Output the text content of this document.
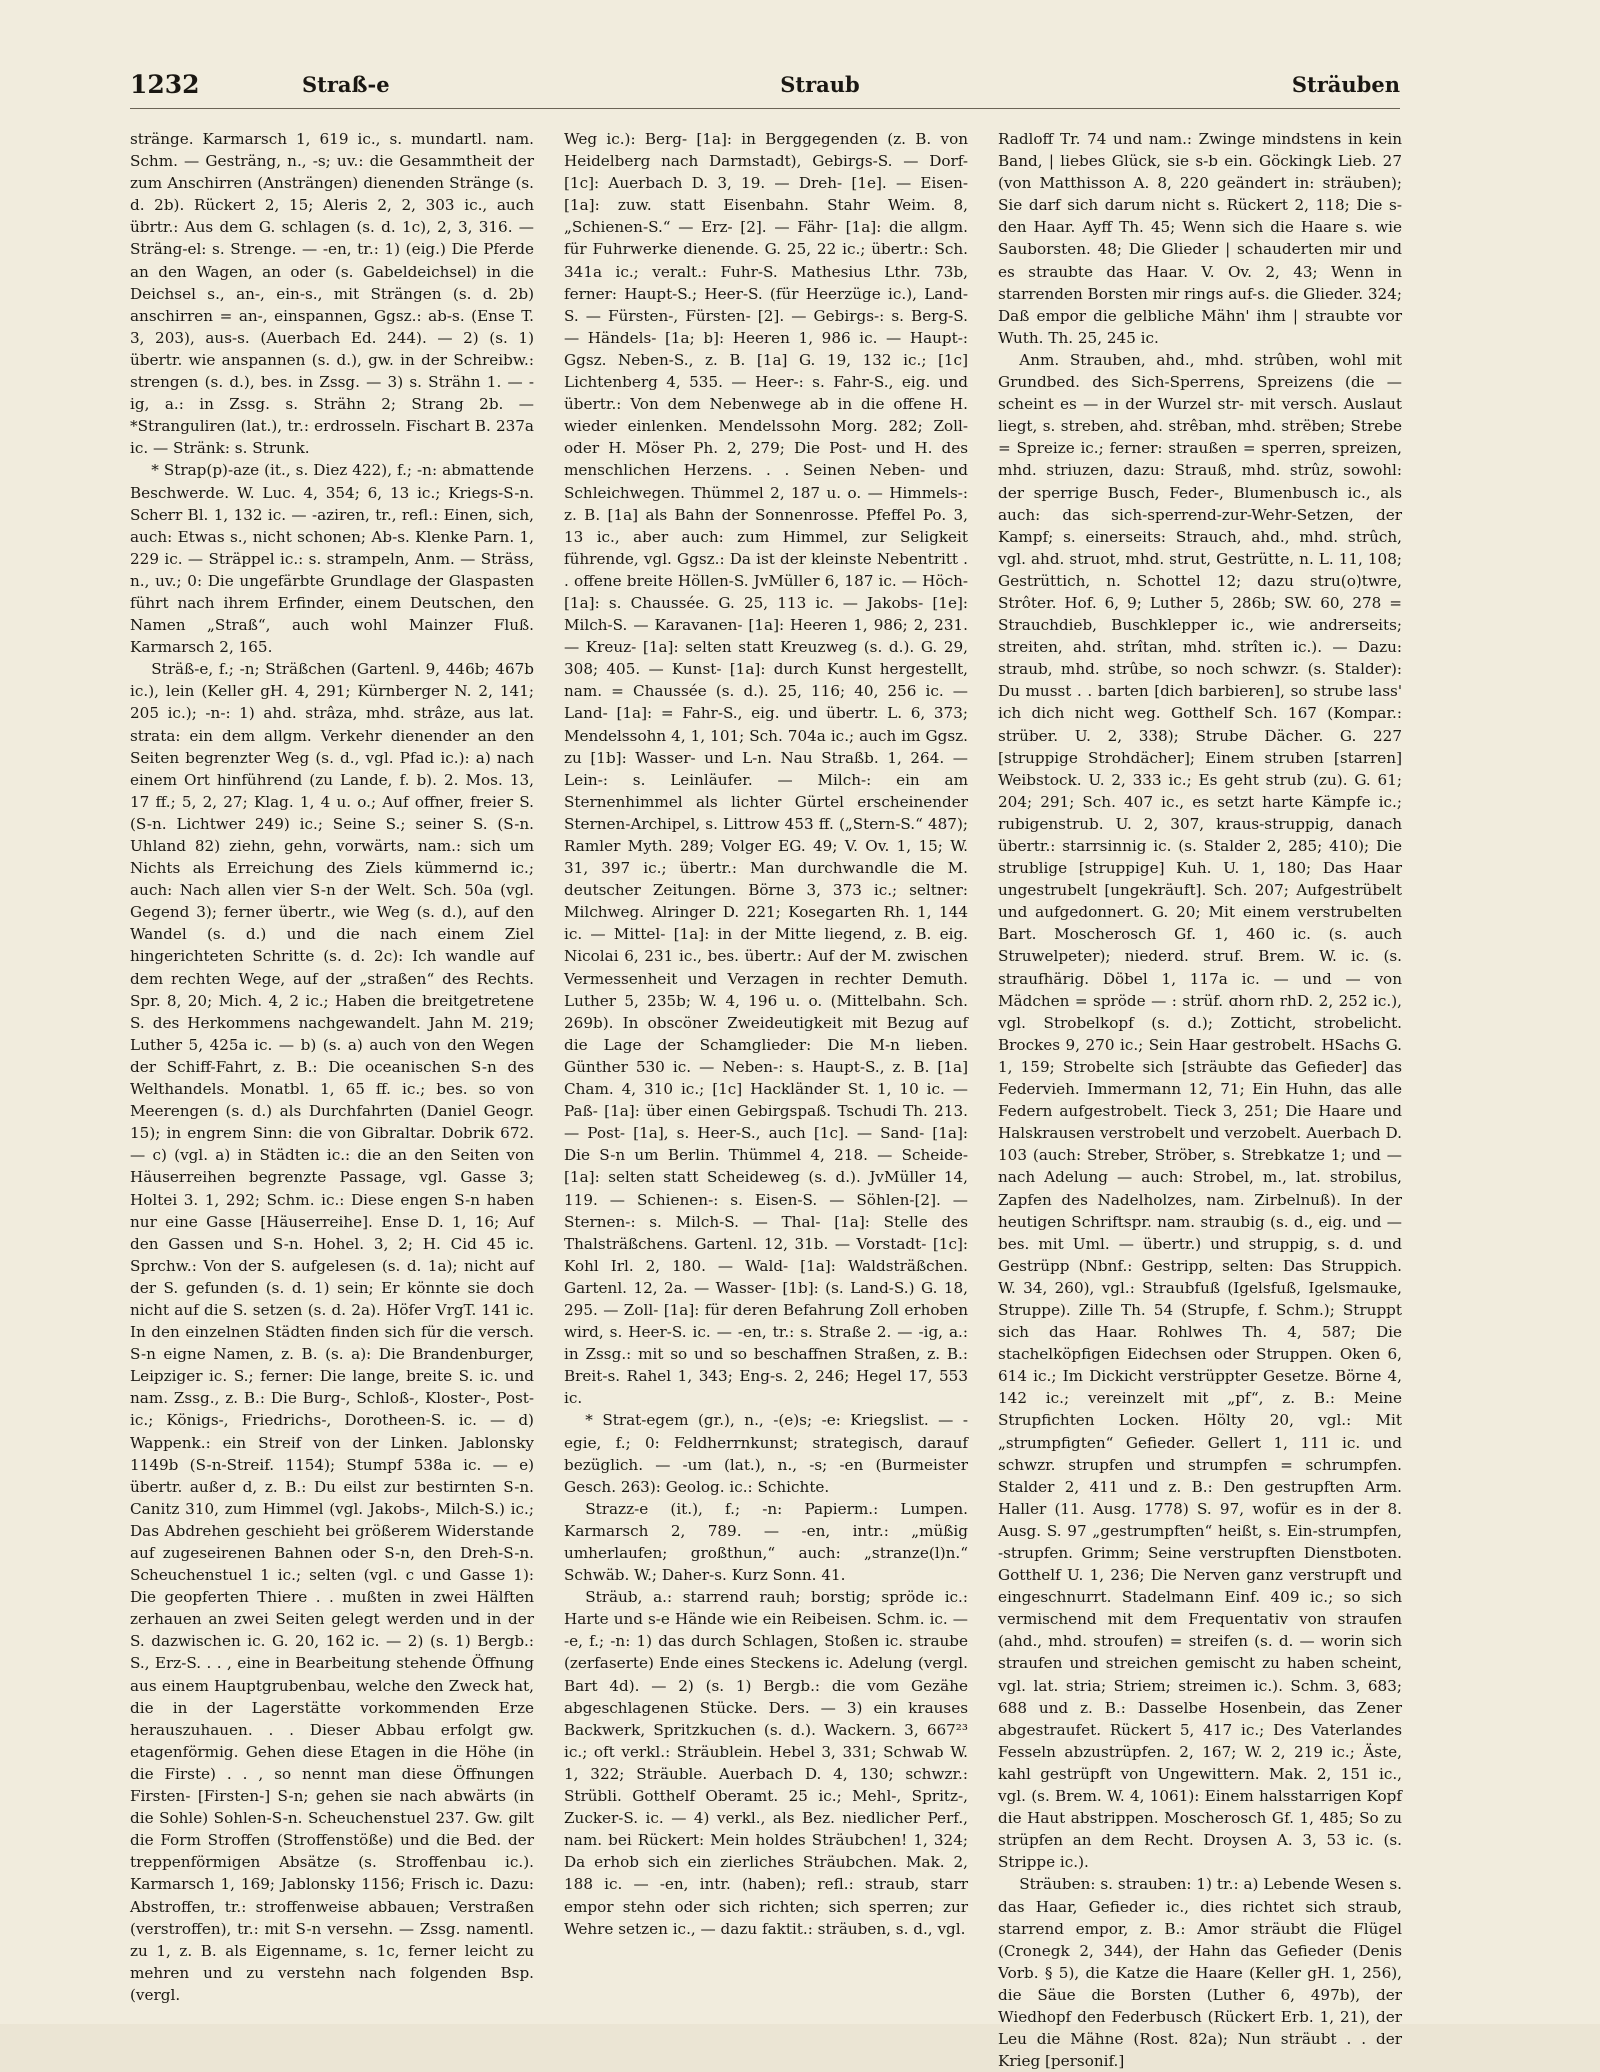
1232	Straß-e	Straub	Sträuben

stränge. Karmarsch 1, 619 ic., s. mundartl. nam. Schm. — Gesträng, n., -s; uv.: die Gesammtheit der zum Anschirren (Ansträngen) dienenden Stränge (s. d. 2b). Rückert 2, 15; Aleris 2, 2, 303 ic., auch übrtr.: Aus dem G. schlagen (s. d. 1c), 2, 3, 316. — Sträng-el: s. Strenge. — -en, tr.: 1) (eig.) Die Pferde an den Wagen, an oder (s. Gabeldeichsel) in die Deichsel s., an-, ein-s., mit Strängen (s. d. 2b) anschirren = an-, einspannen, Ggsz.: ab-s. (Ense T. 3, 203), aus-s. (Auerbach Ed. 244). — 2) (s. 1) übertr. wie anspannen (s. d.), gw. in der Schreibw.: strengen (s. d.), bes. in Zssg. — 3) s. Strähn 1. — -ig, a.: in Zssg. s. Strähn 2; Strang 2b. — *Stranguliren (lat.), tr.: erdrosseln. Fischart B. 237a ic. — Stränk: s. Strunk.

* Strap(p)-aze (it., s. Diez 422), f.; -n: abmattende Beschwerde. W. Luc. 4, 354; 6, 13 ic.; Kriegs-S-n. Scherr Bl. 1, 132 ic. — -aziren, tr., refl.: Einen, sich, auch: Etwas s., nicht schonen; Ab-s. Klenke Parn. 1, 229 ic. — Sträppel ic.: s. strampeln, Anm. — Sträss, n., uv.; 0: Die ungefärbte Grundlage der Glaspasten führt nach ihrem Erfinder, einem Deutschen, den Namen „Straß“, auch wohl Mainzer Fluß. Karmarsch 2, 165.

Sträß-e, f.; -n; Sträßchen (Gartenl. 9, 446b; 467b ic.), lein (Keller gH. 4, 291; Kürnberger N. 2, 141; 205 ic.); -n-: 1) ahd. strâza, mhd. strâze, aus lat. strata: ein dem allgm. Verkehr dienender an den Seiten begrenzter Weg (s. d., vgl. Pfad ic.): a) nach einem Ort hinführend (zu Lande, f. b). 2. Mos. 13, 17 ff.; 5, 2, 27; Klag. 1, 4 u. o.; Auf offner, freier S. (S-n. Lichtwer 249) ic.; Seine S.; seiner S. (S-n. Uhland 82) ziehn, gehn, vorwärts, nam.: sich um Nichts als Erreichung des Ziels kümmernd ic.; auch: Nach allen vier S-n der Welt. Sch. 50a (vgl. Gegend 3); ferner übertr., wie Weg (s. d.), auf den Wandel (s. d.) und die nach einem Ziel hingerichteten Schritte (s. d. 2c): Ich wandle auf dem rechten Wege, auf der „straßen“ des Rechts. Spr. 8, 20; Mich. 4, 2 ic.; Haben die breitgetretene S. des Herkommens nachgewandelt. Jahn M. 219; Luther 5, 425a ic. — b) (s. a) auch von den Wegen der Schiff-Fahrt, z. B.: Die oceanischen S-n des Welthandels. Monatbl. 1, 65 ff. ic.; bes. so von Meerengen (s. d.) als Durchfahrten (Daniel Geogr. 15); in engrem Sinn: die von Gibraltar. Dobrik 672. — c) (vgl. a) in Städten ic.: die an den Seiten von Häuserreihen begrenzte Passage, vgl. Gasse 3; Holtei 3. 1, 292; Schm. ic.: Diese engen S-n haben nur eine Gasse [Häuserreihe]. Ense D. 1, 16; Auf den Gassen und S-n. Hohel. 3, 2; H. Cid 45 ic. Sprchw.: Von der S. aufgelesen (s. d. 1a); nicht auf der S. gefunden (s. d. 1) sein; Er könnte sie doch nicht auf die S. setzen (s. d. 2a). Höfer VrgT. 141 ic. In den einzelnen Städten finden sich für die versch. S-n eigne Namen, z. B. (s. a): Die Brandenburger, Leipziger ic. S.; ferner: Die lange, breite S. ic. und nam. Zssg., z. B.: Die Burg-, Schloß-, Kloster-, Post- ic.; Königs-, Friedrichs-, Dorotheen-S. ic. — d) Wappenk.: ein Streif von der Linken. Jablonsky 1149b (S-n-Streif. 1154); Stumpf 538a ic. — e) übertr. außer d, z. B.: Du eilst zur bestirnten S-n. Canitz 310, zum Himmel (vgl. Jakobs-, Milch-S.) ic.; Das Abdrehen geschieht bei größerem Widerstande auf zugeseirenen Bahnen oder S-n, den Dreh-S-n. Scheuchenstuel 1 ic.; selten (vgl. c und Gasse 1): Die geopferten Thiere . . mußten in zwei Hälften zerhauen an zwei Seiten gelegt werden und in der S. dazwischen ic. G. 20, 162 ic. — 2) (s. 1) Bergb.: S., Erz-S. . . , eine in Bearbeitung stehende Öffnung aus einem Hauptgrubenbau, welche den Zweck hat, die in der Lagerstätte vorkommenden Erze herauszuhauen. . . Dieser Abbau erfolgt gw. etagenförmig. Gehen diese Etagen in die Höhe (in die Firste) . . , so nennt man diese Öffnungen Firsten- [Firsten-] S-n; gehen sie nach abwärts (in die Sohle) Sohlen-S-n. Scheuchenstuel 237. Gw. gilt die Form Stroffen (Stroffenstöße) und die Bed. der treppenförmigen Absätze (s. Stroffenbau ic.). Karmarsch 1, 169; Jablonsky 1156; Frisch ic. Dazu: Abstroffen, tr.: stroffenweise abbauen; Verstraßen (verstroffen), tr.: mit S-n versehn. — Zssg. namentl. zu 1, z. B. als Eigenname, s. 1c, ferner leicht zu mehren und zu verstehn nach folgenden Bsp. (vergl.

Weg ic.): Berg- [1a]: in Berggegenden (z. B. von Heidelberg nach Darmstadt), Gebirgs-S. — Dorf- [1c]: Auerbach D. 3, 19. — Dreh- [1e]. — Eisen- [1a]: zuw. statt Eisenbahn. Stahr Weim. 8, „Schienen-S.“ — Erz- [2]. — Fähr- [1a]: die allgm. für Fuhrwerke dienende. G. 25, 22 ic.; übertr.: Sch. 341a ic.; veralt.: Fuhr-S. Mathesius Lthr. 73b, ferner: Haupt-S.; Heer-S. (für Heerzüge ic.), Land-S. — Fürsten-, Fürsten- [2]. — Gebirgs-: s. Berg-S. — Händels- [1a; b]: Heeren 1, 986 ic. — Haupt-: Ggsz. Neben-S., z. B. [1a] G. 19, 132 ic.; [1c] Lichtenberg 4, 535. — Heer-: s. Fahr-S., eig. und übertr.: Von dem Nebenwege ab in die offene H. wieder einlenken. Mendelssohn Morg. 282; Zoll- oder H. Möser Ph. 2, 279; Die Post- und H. des menschlichen Herzens. . . Seinen Neben- und Schleichwegen. Thümmel 2, 187 u. o. — Himmels-: z. B. [1a] als Bahn der Sonnenrosse. Pfeffel Po. 3, 13 ic., aber auch: zum Himmel, zur Seligkeit führende, vgl. Ggsz.: Da ist der kleinste Nebentritt . . offene breite Höllen-S. JvMüller 6, 187 ic. — Höch- [1a]: s. Chaussée. G. 25, 113 ic. — Jakobs- [1e]: Milch-S. — Karavanen- [1a]: Heeren 1, 986; 2, 231. — Kreuz- [1a]: selten statt Kreuzweg (s. d.). G. 29, 308; 405. — Kunst- [1a]: durch Kunst hergestellt, nam. = Chaussée (s. d.). 25, 116; 40, 256 ic. — Land- [1a]: = Fahr-S., eig. und übertr. L. 6, 373; Mendelssohn 4, 1, 101; Sch. 704a ic.; auch im Ggsz. zu [1b]: Wasser- und L-n. Nau Straßb. 1, 264. — Lein-: s. Leinläufer. — Milch-: ein am Sternenhimmel als lichter Gürtel erscheinender Sternen-Archipel, s. Littrow 453 ff. („Stern-S.“ 487); Ramler Myth. 289; Volger EG. 49; V. Ov. 1, 15; W. 31, 397 ic.; übertr.: Man durchwandle die M. deutscher Zeitungen. Börne 3, 373 ic.; seltner: Milchweg. Alringer D. 221; Kosegarten Rh. 1, 144 ic. — Mittel- [1a]: in der Mitte liegend, z. B. eig. Nicolai 6, 231 ic., bes. übertr.: Auf der M. zwischen Vermessenheit und Verzagen in rechter Demuth. Luther 5, 235b; W. 4, 196 u. o. (Mittelbahn. Sch. 269b). In obscöner Zweideutigkeit mit Bezug auf die Lage der Schamglieder: Die M-n lieben. Günther 530 ic. — Neben-: s. Haupt-S., z. B. [1a] Cham. 4, 310 ic.; [1c] Hackländer St. 1, 10 ic. — Paß- [1a]: über einen Gebirgspaß. Tschudi Th. 213. — Post- [1a], s. Heer-S., auch [1c]. — Sand- [1a]: Die S-n um Berlin. Thümmel 4, 218. — Scheide- [1a]: selten statt Scheideweg (s. d.). JvMüller 14, 119. — Schienen-: s. Eisen-S. — Söhlen-[2]. — Sternen-: s. Milch-S. — Thal- [1a]: Stelle des Thalsträßchens. Gartenl. 12, 31b. — Vorstadt- [1c]: Kohl Irl. 2, 180. — Wald- [1a]: Waldsträßchen. Gartenl. 12, 2a. — Wasser- [1b]: (s. Land-S.) G. 18, 295. — Zoll- [1a]: für deren Befahrung Zoll erhoben wird, s. Heer-S. ic. — -en, tr.: s. Straße 2. — -ig, a.: in Zssg.: mit so und so beschaffnen Straßen, z. B.: Breit-s. Rahel 1, 343; Eng-s. 2, 246; Hegel 17, 553 ic.

* Strat-egem (gr.), n., -(e)s; -e: Kriegslist. — -egie, f.; 0: Feldherrnkunst; strategisch, darauf bezüglich. — -um (lat.), n., -s; -en (Burmeister Gesch. 263): Geolog. ic.: Schichte.

Strazz-e (it.), f.; -n: Papierm.: Lumpen. Karmarsch 2, 789. — -en, intr.: „müßig umherlaufen; großthun,“ auch: „stranze(l)n.“ Schwäb. W.; Daher-s. Kurz Sonn. 41.

Sträub, a.: starrend rauh; borstig; spröde ic.: Harte und s-e Hände wie ein Reibeisen. Schm. ic. — -e, f.; -n: 1) das durch Schlagen, Stoßen ic. straube (zerfaserte) Ende eines Steckens ic. Adelung (vergl. Bart 4d). — 2) (s. 1) Bergb.: die vom Gezähe abgeschlagenen Stücke. Ders. — 3) ein krauses Backwerk, Spritzkuchen (s. d.). Wackern. 3, 667²³ ic.; oft verkl.: Sträublein. Hebel 3, 331; Schwab W. 1, 322; Sträuble. Auerbach D. 4, 130; schwzr.: Strübli. Gotthelf Oberamt. 25 ic.; Mehl-, Spritz-, Zucker-S. ic. — 4) verkl., als Bez. niedlicher Perf., nam. bei Rückert: Mein holdes Sträubchen! 1, 324; Da erhob sich ein zierliches Sträubchen. Mak. 2, 188 ic. — -en, intr. (haben); refl.: straub, starr empor stehn oder sich richten; sich sperren; zur Wehre setzen ic., — dazu faktit.: sträuben, s. d., vgl.

Radloff Tr. 74 und nam.: Zwinge mindstens in kein Band, | liebes Glück, sie s-b ein. Göckingk Lieb. 27 (von Matthisson A. 8, 220 geändert in: sträuben); Sie darf sich darum nicht s. Rückert 2, 118; Die s-den Haar. Ayff Th. 45; Wenn sich die Haare s. wie Sauborsten. 48; Die Glieder | schauderten mir und es straubte das Haar. V. Ov. 2, 43; Wenn in starrenden Borsten mir rings auf-s. die Glieder. 324; Daß empor die gelbliche Mähn' ihm | straubte vor Wuth. Th. 25, 245 ic.

Anm. Strauben, ahd., mhd. strûben, wohl mit Grundbed. des Sich-Sperrens, Spreizens (die — scheint es — in der Wurzel str- mit versch. Auslaut liegt, s. streben, ahd. strêban, mhd. strëben; Strebe = Spreize ic.; ferner: straußen = sperren, spreizen, mhd. striuzen, dazu: Strauß, mhd. strûz, sowohl: der sperrige Busch, Feder-, Blumenbusch ic., als auch: das sich-sperrend-zur-Wehr-Setzen, der Kampf; s. einerseits: Strauch, ahd., mhd. strûch, vgl. ahd. struot, mhd. strut, Gestrütte, n. L. 11, 108; Gestrüttich, n. Schottel 12; dazu stru(o)twre, Strôter. Hof. 6, 9; Luther 5, 286b; SW. 60, 278 = Strauchdieb, Buschklepper ic., wie andrerseits; streiten, ahd. strîtan, mhd. strîten ic.). — Dazu: straub, mhd. strûbe, so noch schwzr. (s. Stalder): Du musst . . barten [dich barbieren], so strube lass' ich dich nicht weg. Gotthelf Sch. 167 (Kompar.: strüber. U. 2, 338); Strube Dächer. G. 227 [struppige Strohdächer]; Einem struben [starren] Weibstock. U. 2, 333 ic.; Es geht strub (zu). G. 61; 204; 291; Sch. 407 ic., es setzt harte Kämpfe ic.; rubigenstrub. U. 2, 307, kraus-struppig, danach übertr.: starrsinnig ic. (s. Stalder 2, 285; 410); Die strublige [struppige] Kuh. U. 1, 180; Das Haar ungestrubelt [ungekräuft]. Sch. 207; Aufgestrübelt und aufgedonnert. G. 20; Mit einem verstrubelten Bart. Moscherosch Gf. 1, 460 ic. (s. auch Struwelpeter); niederd. struf. Brem. W. ic. (s. straufhärig. Döbel 1, 117a ic. — und — von Mädchen = spröde — : strüf. ɑhorn rhD. 2, 252 ic.), vgl. Strobelkopf (s. d.); Zotticht, strobelicht. Brockes 9, 270 ic.; Sein Haar gestrobelt. HSachs G. 1, 159; Strobelte sich [sträubte das Gefieder] das Federvieh. Immermann 12, 71; Ein Huhn, das alle Federn aufgestrobelt. Tieck 3, 251; Die Haare und Halskrausen verstrobelt und verzobelt. Auerbach D. 103 (auch: Streber, Ströber, s. Strebkatze 1; und — nach Adelung — auch: Strobel, m., lat. strobilus, Zapfen des Nadelholzes, nam. Zirbelnuß). In der heutigen Schriftspr. nam. straubig (s. d., eig. und — bes. mit Uml. — übertr.) und struppig, s. d. und Gestrüpp (Nbnf.: Gestripp, selten: Das Struppich. W. 34, 260), vgl.: Straubfuß (Igelsfuß, Igelsmauke, Struppe). Zille Th. 54 (Strupfe, f. Schm.); Struppt sich das Haar. Rohlwes Th. 4, 587; Die stachelköpfigen Eidechsen oder Struppen. Oken 6, 614 ic.; Im Dickicht verstrüppter Gesetze. Börne 4, 142 ic.; vereinzelt mit „pf“, z. B.: Meine Strupfichten Locken. Hölty 20, vgl.: Mit „strumpfigten“ Gefieder. Gellert 1, 111 ic. und schwzr. strupfen und strumpfen = schrumpfen. Stalder 2, 411 und z. B.: Den gestrupften Arm. Haller (11. Ausg. 1778) S. 97, wofür es in der 8. Ausg. S. 97 „gestrumpften“ heißt, s. Ein-strumpfen, -strupfen. Grimm; Seine verstrupften Dienstboten. Gotthelf U. 1, 236; Die Nerven ganz verstrupft und eingeschnurrt. Stadelmann Einf. 409 ic.; so sich vermischend mit dem Frequentativ von straufen (ahd., mhd. stroufen) = streifen (s. d. — worin sich straufen und streichen gemischt zu haben scheint, vgl. lat. stria; Striem; streimen ic.). Schm. 3, 683; 688 und z. B.: Dasselbe Hosenbein, das Zener abgestraufet. Rückert 5, 417 ic.; Des Vaterlandes Fesseln abzustrüpfen. 2, 167; W. 2, 219 ic.; Äste, kahl gestrüpft von Ungewittern. Mak. 2, 151 ic., vgl. (s. Brem. W. 4, 1061): Einem halsstarrigen Kopf die Haut abstrippen. Moscherosch Gf. 1, 485; So zu strüpfen an dem Recht. Droysen A. 3, 53 ic. (s. Strippe ic.).

Sträuben: s. strauben: 1) tr.: a) Lebende Wesen s. das Haar, Gefieder ic., dies richtet sich straub, starrend empor, z. B.: Amor sträubt die Flügel (Cronegk 2, 344), der Hahn das Gefieder (Denis Vorb. § 5), die Katze die Haare (Keller gH. 1, 256), die Säue die Borsten (Luther 6, 497b), der Wiedhopf den Federbusch (Rückert Erb. 1, 21), der Leu die Mähne (Rost. 82a); Nun sträubt . . der Krieg [personif.]
